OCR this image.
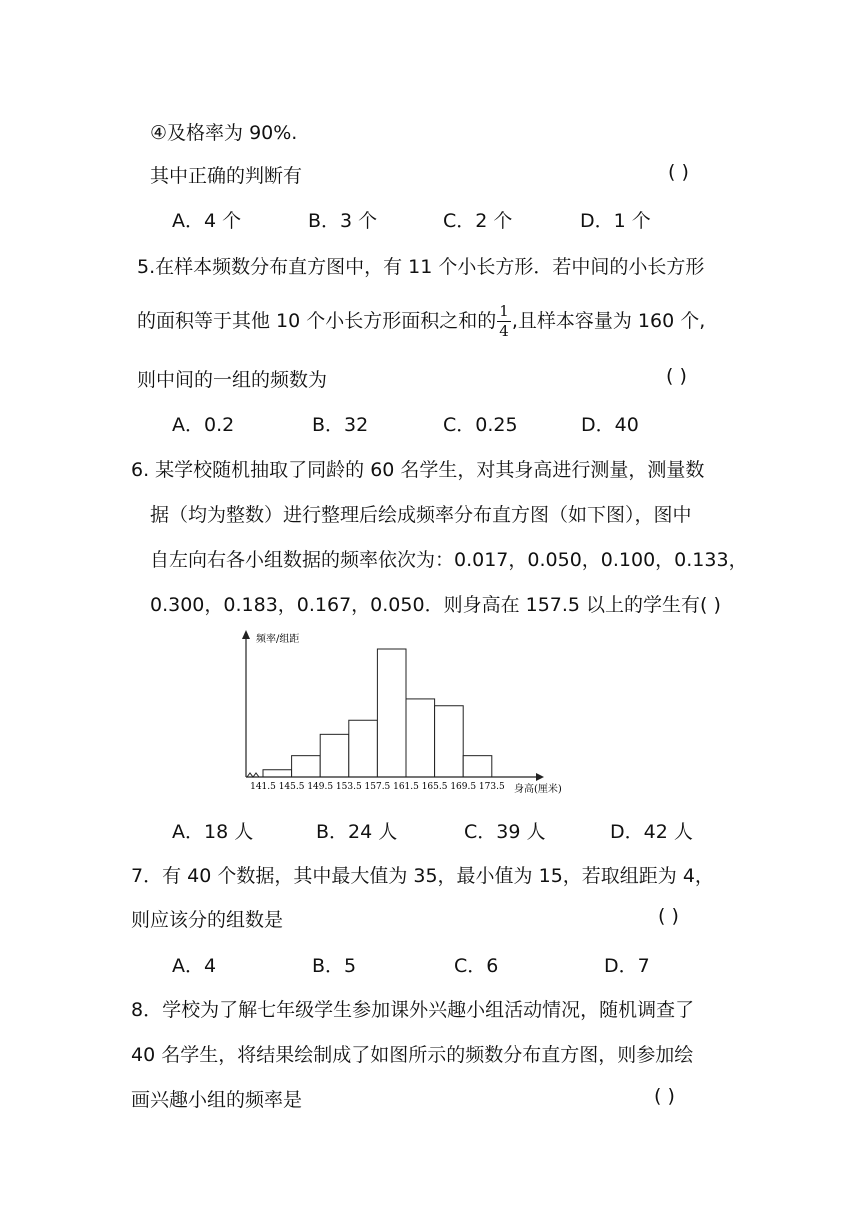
④及格率为 90%.
其中正确的判断有	( )
A．4 个	B．3 个	C．2 个	D．1 个
5.在样本频数分布直方图中，有 11 个小长方形．若中间的小长方形
的面积等于其他 10 个小长方形面积之和的 $\frac{1}{4}$ ,且样本容量为 160 个,
则中间的一组的频数为	( )
A．0.2	B．32	C．0.25	D．40
6. 某学校随机抽取了同龄的 60 名学生，对其身高进行测量，测量数
据（均为整数）进行整理后绘成频率分布直方图（如下图），图中
自左向右各小组数据的频率依次为：0.017，0.050，0.100，0.133，
0.300，0.183，0.167，0.050．则身高在 157.5 以上的学生有( )
141.5 145.5 149.5 153.5 157.5 161.5 165.5 169.5 173.5
频率/组距
身高(厘米)
A．18 人	B．24 人	C．39 人	D．42 人
7．有 40 个数据，其中最大值为 35，最小值为 15，若取组距为 4，
则应该分的组数是	( )
A．4	B．5	C．6	D．7
8．学校为了解七年级学生参加课外兴趣小组活动情况，随机调查了
40 名学生，将结果绘制成了如图所示的频数分布直方图，则参加绘
画兴趣小组的频率是	( )
